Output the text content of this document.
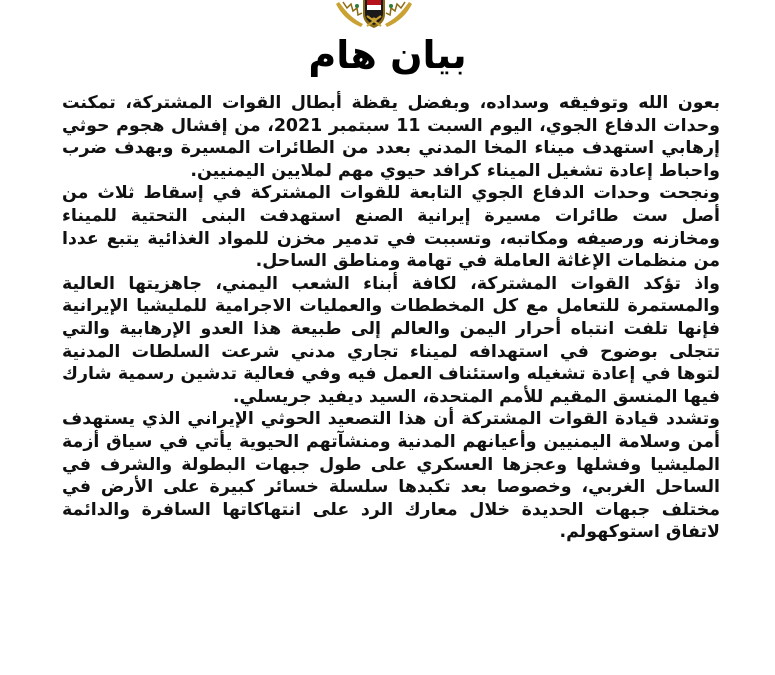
بيان هام

بعون الله وتوفيقه وسداده، وبفضل يقظة أبطال القوات المشتركة، تمكنت وحدات الدفاع الجوي، اليوم السبت 11 سبتمبر 2021، من إفشال هجوم حوثي إرهابي استهدف ميناء المخا المدني بعدد من الطائرات المسيرة وبهدف ضرب واحباط إعادة تشغيل الميناء كرافد حيوي مهم لملايين اليمنيين.

ونجحت وحدات الدفاع الجوي التابعة للقوات المشتركة في إسقاط ثلاث من أصل ست طائرات مسيرة إيرانية الصنع استهدفت البنى التحتية للميناء ومخازنه ورصيفه ومكاتبه، وتسببت في تدمير مخزن للمواد الغذائية يتبع عددا من منظمات الإغاثة العاملة في تهامة ومناطق الساحل.

واذ تؤكد القوات المشتركة، لكافة أبناء الشعب اليمني، جاهزيتها العالية والمستمرة للتعامل مع كل المخططات والعمليات الاجرامية للمليشيا الإيرانية فإنها تلفت انتباه أحرار اليمن والعالم إلى طبيعة هذا العدو الإرهابية والتي تتجلى بوضوح في استهدافه لميناء تجاري مدني شرعت السلطات المدنية لتوها في إعادة تشغيله واستئناف العمل فيه وفي فعالية تدشين رسمية شارك فيها المنسق المقيم للأمم المتحدة، السيد ديفيد جريسلي.

وتشدد قيادة القوات المشتركة أن هذا التصعيد الحوثي الإيراني الذي يستهدف أمن وسلامة اليمنيين وأعيانهم المدنية ومنشآتهم الحيوية يأتي في سياق أزمة المليشيا وفشلها وعجزها العسكري على طول جبهات البطولة والشرف في الساحل الغربي، وخصوصا بعد تكبدها سلسلة خسائر كبيرة على الأرض في مختلف جبهات الحديدة خلال معارك الرد على انتهاكاتها السافرة والدائمة لاتفاق استوكهولم.
